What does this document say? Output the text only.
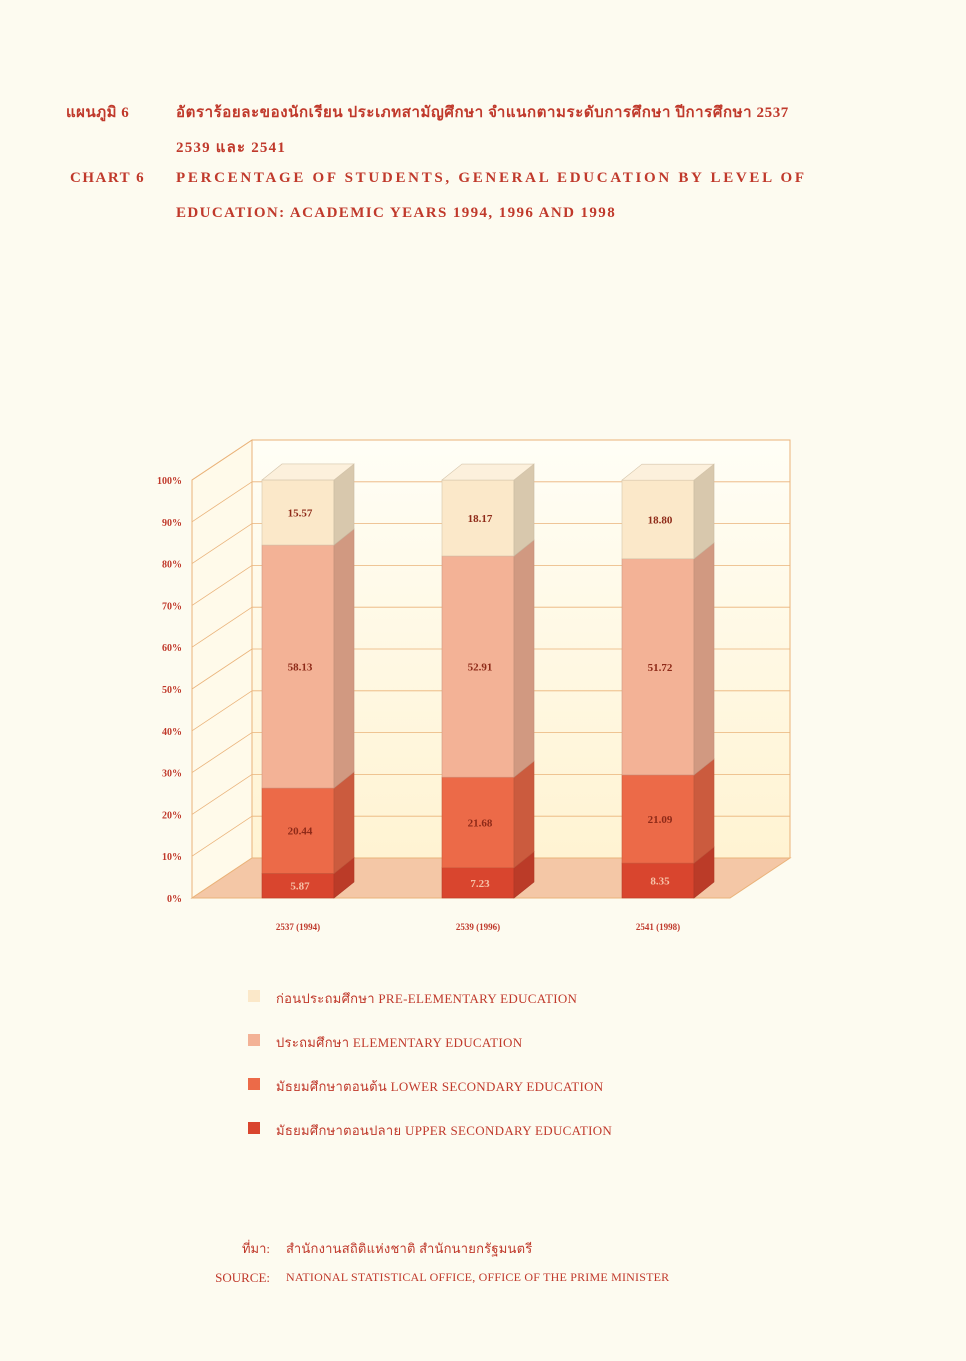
แผนภูมิ 6	อัตราร้อยละของนักเรียน ประเภทสามัญศึกษา จำแนกตามระดับการศึกษา ปีการศึกษา 2537
2539 และ 2541
CHART 6 PERCENTAGE OF STUDENTS, GENERAL EDUCATION BY LEVEL OF
EDUCATION: ACADEMIC YEARS 1994, 1996 AND 1998
0%
10%
20%
30%
40%
50%
60%
70%
80%
90%
100%
5.87
20.44
58.13
15.57
7.23
21.68
52.91
18.17
8.35
21.09
51.72
18.80
2537 (1994)	2539 (1996)	2541 (1998)
ก่อนประถมศึกษา PRE-ELEMENTARY EDUCATION
ประถมศึกษา ELEMENTARY EDUCATION
มัธยมศึกษาตอนต้น LOWER SECONDARY EDUCATION
มัธยมศึกษาตอนปลาย UPPER SECONDARY EDUCATION
ที่มา: สำนักงานสถิติแห่งชาติ สำนักนายกรัฐมนตรี
SOURCE: NATIONAL STATISTICAL OFFICE, OFFICE OF THE PRIME MINISTER
